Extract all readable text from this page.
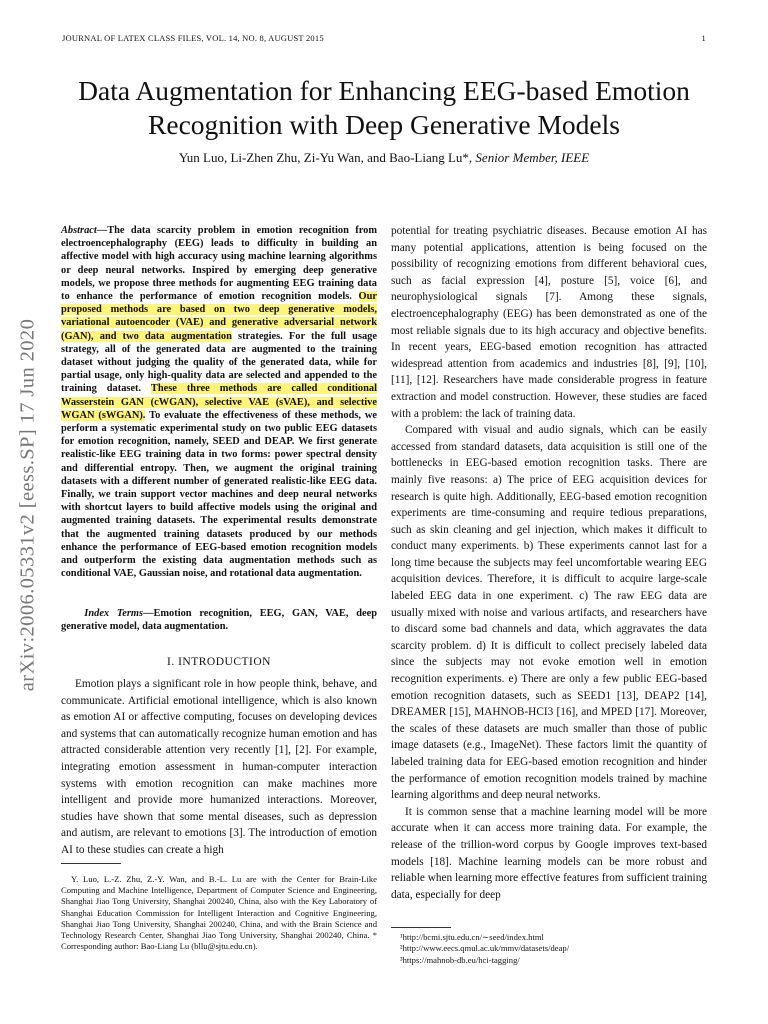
JOURNAL OF LATEX CLASS FILES, VOL. 14, NO. 8, AUGUST 2015	1
Data Augmentation for Enhancing EEG-based Emotion Recognition with Deep Generative Models
Yun Luo, Li-Zhen Zhu, Zi-Yu Wan, and Bao-Liang Lu*, Senior Member, IEEE
arXiv:2006.05331v2 [eess.SP] 17 Jun 2020
Abstract—The data scarcity problem in emotion recognition from electroencephalography (EEG) leads to difficulty in building an affective model with high accuracy using machine learning algorithms or deep neural networks. Inspired by emerging deep generative models, we propose three methods for augmenting EEG training data to enhance the performance of emotion recognition models. Our proposed methods are based on two deep generative models, variational autoencoder (VAE) and generative adversarial network (GAN), and two data augmentation strategies. For the full usage strategy, all of the generated data are augmented to the training dataset without judging the quality of the generated data, while for partial usage, only high-quality data are selected and appended to the training dataset. These three methods are called conditional Wasserstein GAN (cWGAN), selective VAE (sVAE), and selective WGAN (sWGAN). To evaluate the effectiveness of these methods, we perform a systematic experimental study on two public EEG datasets for emotion recognition, namely, SEED and DEAP. We first generate realistic-like EEG training data in two forms: power spectral density and differential entropy. Then, we augment the original training datasets with a different number of generated realistic-like EEG data. Finally, we train support vector machines and deep neural networks with shortcut layers to build affective models using the original and augmented training datasets. The experimental results demonstrate that the augmented training datasets produced by our methods enhance the performance of EEG-based emotion recognition models and outperform the existing data augmentation methods such as conditional VAE, Gaussian noise, and rotational data augmentation.
Index Terms—Emotion recognition, EEG, GAN, VAE, deep generative model, data augmentation.
I. INTRODUCTION

Emotion plays a significant role in how people think, behave, and communicate. Artificial emotional intelligence, which is also known as emotion AI or affective computing, focuses on developing devices and systems that can automatically recognize human emotion and has attracted considerable attention very recently [1], [2]. For example, integrating emotion assessment in human-computer interaction systems with emotion recognition can make machines more intelligent and provide more humanized interactions. Moreover, studies have shown that some mental diseases, such as depression and autism, are relevant to emotions [3]. The introduction of emotion AI to these studies can create a high

Y. Luo, L.-Z. Zhu, Z.-Y. Wan, and B.-L. Lu are with the Center for Brain-Like Computing and Machine Intelligence, Department of Computer Science and Engineering, Shanghai Jiao Tong University, Shanghai 200240, China, also with the Key Laboratory of Shanghai Education Commission for Intelligent Interaction and Cognitive Engineering, Shanghai Jiao Tong University, Shanghai 200240, China, and with the Brain Science and Technology Research Center, Shanghai Jiao Tong University, Shanghai 200240, China. * Corresponding author: Bao-Liang Lu (bllu@sjtu.edu.cn).

potential for treating psychiatric diseases. Because emotion AI has many potential applications, attention is being focused on the possibility of recognizing emotions from different behavioral cues, such as facial expression [4], posture [5], voice [6], and neurophysiological signals [7]. Among these signals, electroencephalography (EEG) has been demonstrated as one of the most reliable signals due to its high accuracy and objective benefits. In recent years, EEG-based emotion recognition has attracted widespread attention from academics and industries [8], [9], [10], [11], [12]. Researchers have made considerable progress in feature extraction and model construction. However, these studies are faced with a problem: the lack of training data.

Compared with visual and audio signals, which can be easily accessed from standard datasets, data acquisition is still one of the bottlenecks in EEG-based emotion recognition tasks. There are mainly five reasons: a) The price of EEG acquisition devices for research is quite high. Additionally, EEG-based emotion recognition experiments are time-consuming and require tedious preparations, such as skin cleaning and gel injection, which makes it difficult to conduct many experiments. b) These experiments cannot last for a long time because the subjects may feel uncomfortable wearing EEG acquisition devices. Therefore, it is difficult to acquire large-scale labeled EEG data in one experiment. c) The raw EEG data are usually mixed with noise and various artifacts, and researchers have to discard some bad channels and data, which aggravates the data scarcity problem. d) It is difficult to collect precisely labeled data since the subjects may not evoke emotion well in emotion recognition experiments. e) There are only a few public EEG-based emotion recognition datasets, such as SEED1 [13], DEAP2 [14], DREAMER [15], MAHNOB-HCI3 [16], and MPED [17]. Moreover, the scales of these datasets are much smaller than those of public image datasets (e.g., ImageNet). These factors limit the quantity of labeled training data for EEG-based emotion recognition and hinder the performance of emotion recognition models trained by machine learning algorithms and deep neural networks.

It is common sense that a machine learning model will be more accurate when it can access more training data. For example, the release of the trillion-word corpus by Google improves text-based models [18]. Machine learning models can be more robust and reliable when learning more effective features from sufficient training data, especially for deep

¹http://bcmi.sjtu.edu.cn/∼seed/index.html
²http://www.eecs.qmul.ac.uk/mmv/datasets/deap/
³https://mahnob-db.eu/hci-tagging/
